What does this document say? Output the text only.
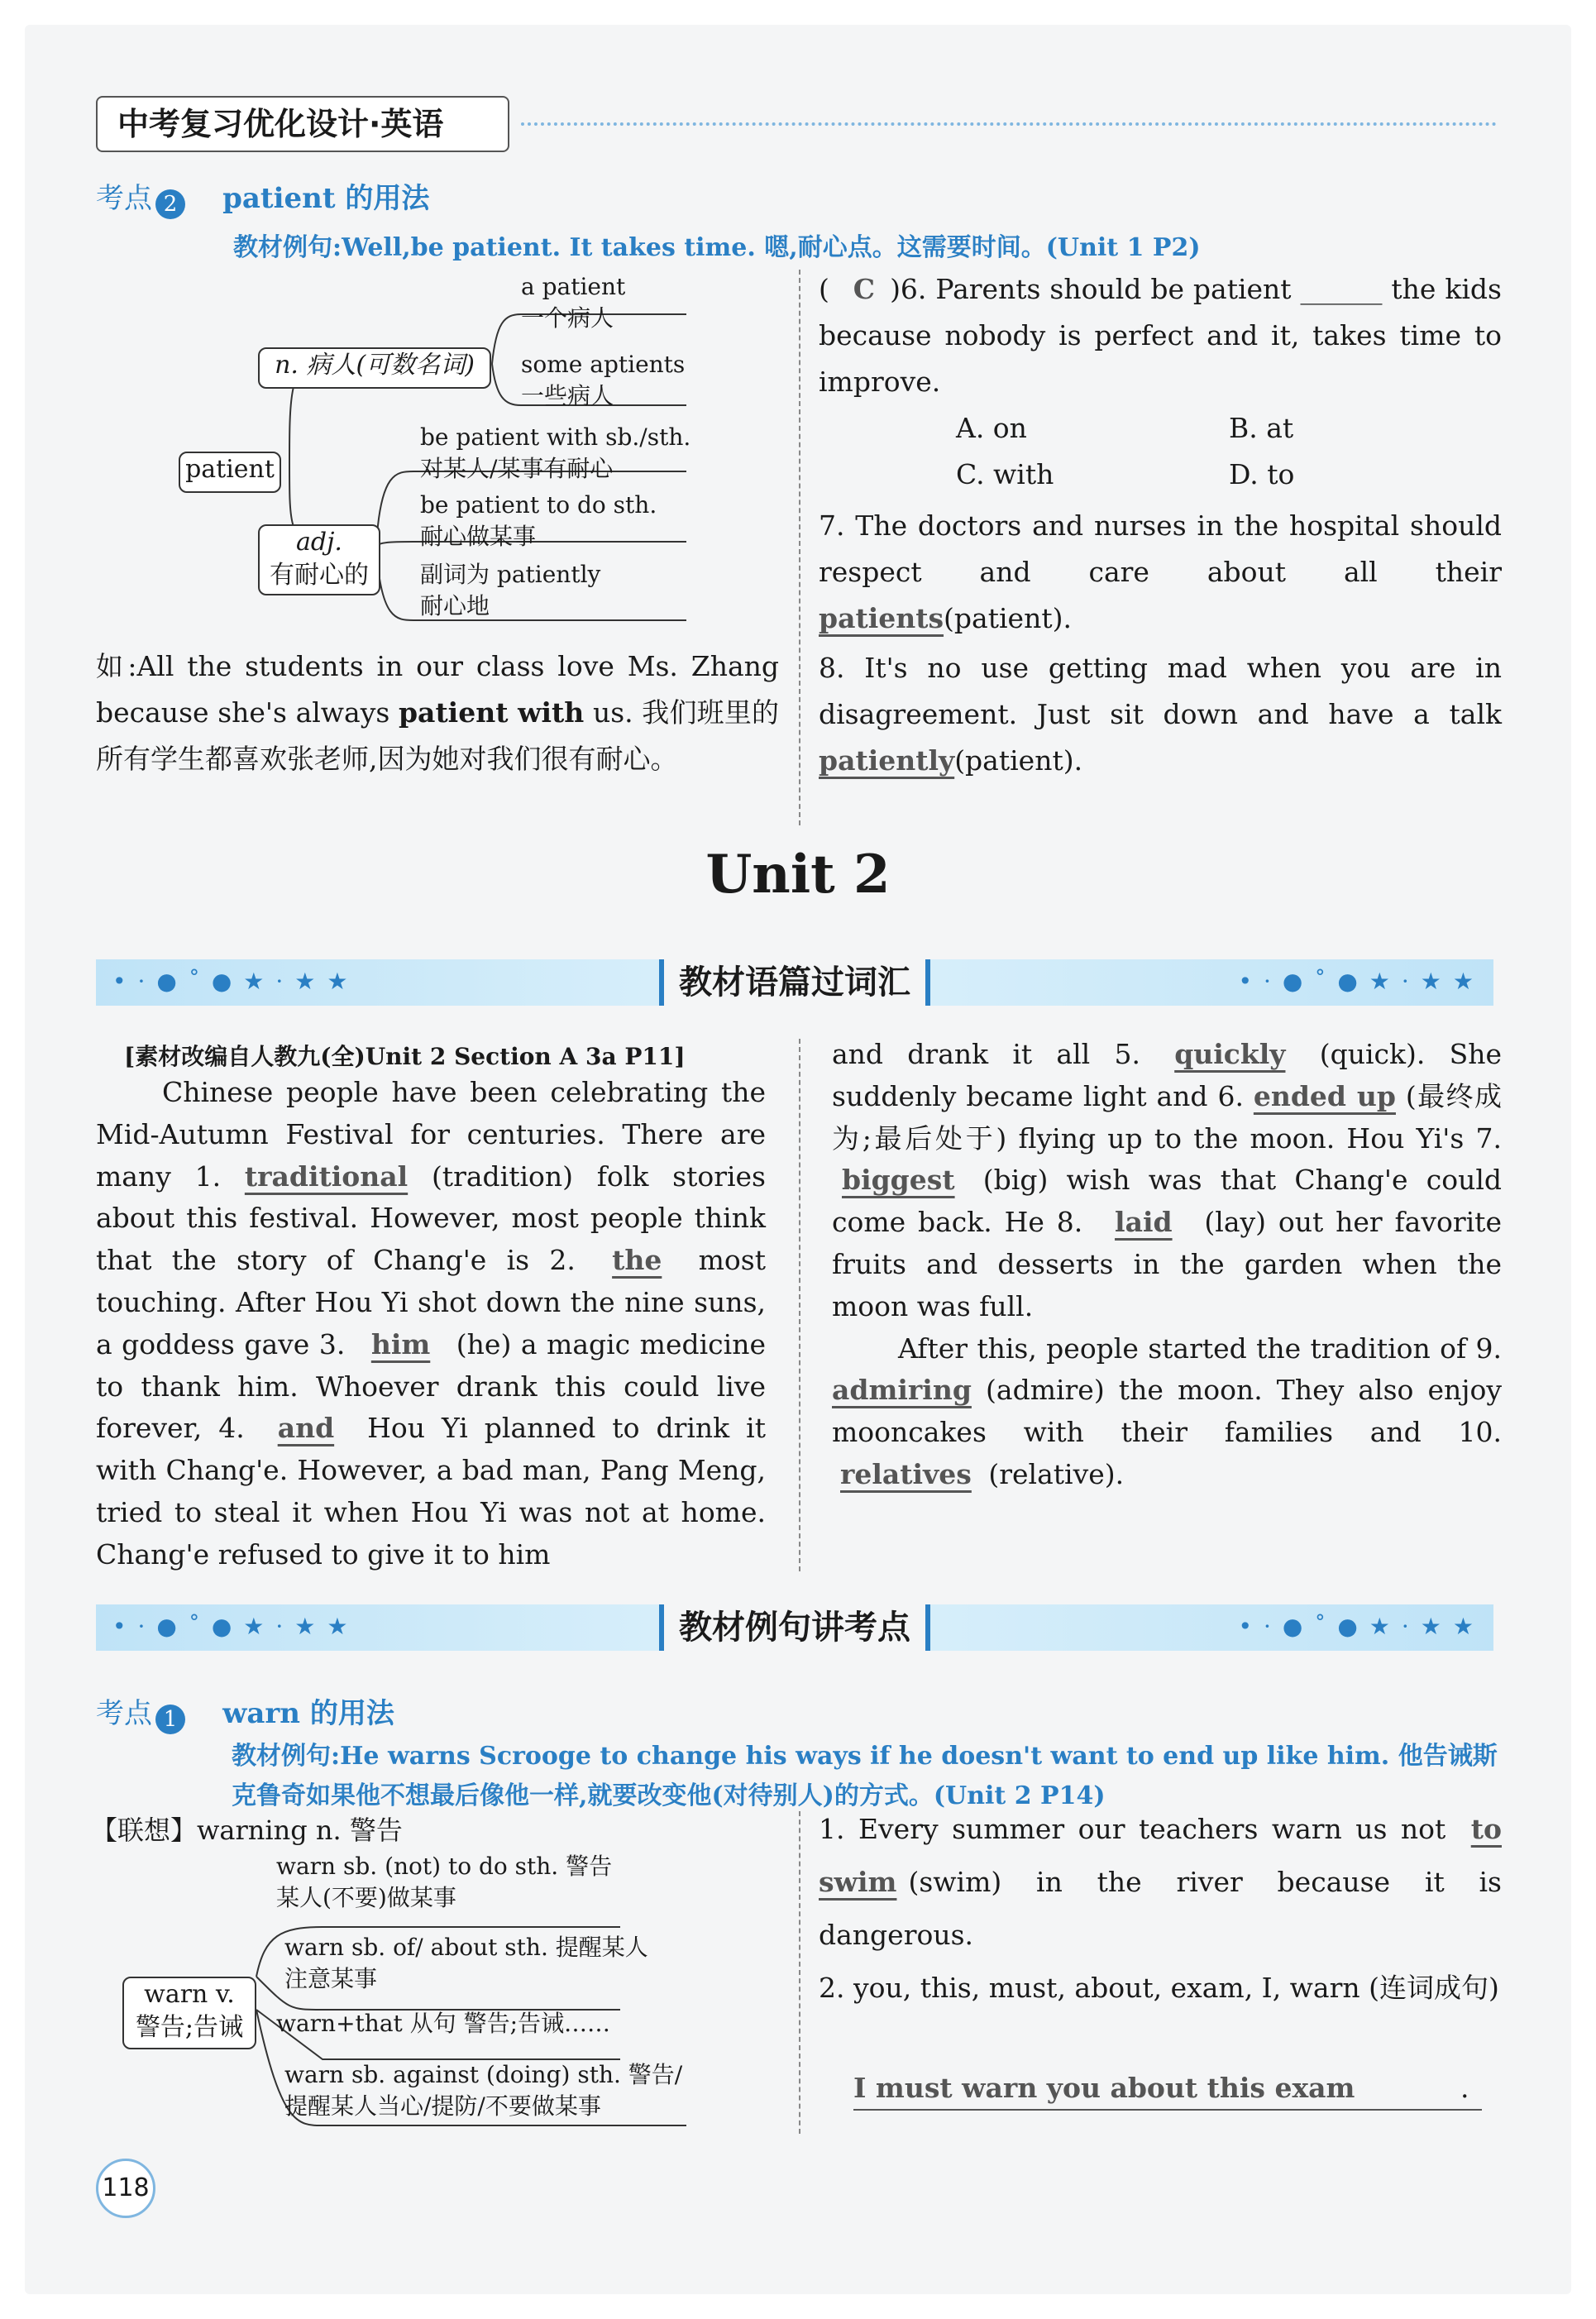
中考复习优化设计·英语
考点 2 patient 的用法
教材例句:Well,be patient. It takes time. 嗯,耐心点。这需要时间。(Unit 1 P2)
patient
n. 病人(可数名词)
adj.
有耐心的
a patient
一个病人
some aptients
一些病人
be patient with sb./sth.
对某人/某事有耐心
be patient to do sth.
耐心做某事
副词为 patiently
耐心地
如:All the students in our class love Ms. Zhang because she's always patient with us. 我们班里的所有学生都喜欢张老师,因为她对我们很有耐心。
( C )6. Parents should be patient ______ the kids because nobody is perfect and it, takes time to improve.
A. on	B. at
C. with	D. to
7. The doctors and nurses in the hospital should respect and care about all their patients(patient).
8. It's no use getting mad when you are in disagreement. Just sit down and have a talk patiently(patient).
Unit 2
•·●˚●★·★★	•·●˚●★·★★
教材语篇过词汇
[素材改编自人教九(全)Unit 2 Section A 3a P11]
Chinese people have been celebrating the Mid-Autumn Festival for centuries. There are many 1. traditional (tradition) folk stories about this festival. However, most people think that the story of Chang'e is 2. the most touching. After Hou Yi shot down the nine suns, a goddess gave 3. him (he) a magic medicine to thank him. Whoever drank this could live forever, 4. and Hou Yi planned to drink it with Chang'e. However, a bad man, Pang Meng, tried to steal it when Hou Yi was not at home. Chang'e refused to give it to him
and drank it all 5. quickly (quick). She suddenly became light and 6. ended up (最终成为;最后处于) flying up to the moon. Hou Yi's 7. biggest (big) wish was that Chang'e could come back. He 8. laid (lay) out her favorite fruits and desserts in the garden when the moon was full.
After this, people started the tradition of 9. admiring (admire) the moon. They also enjoy mooncakes with their families and 10. relatives (relative).
•·●˚●★·★★	•·●˚●★·★★
教材例句讲考点
考点 1 warn 的用法
教材例句:He warns Scrooge to change his ways if he doesn't want to end up like him. 他告诫斯克鲁奇如果他不想最后像他一样,就要改变他(对待别人)的方式。(Unit 2 P14)
【联想】warning n. 警告
warn v.
警告;告诫
warn sb. (not) to do sth. 警告
某人(不要)做某事
warn sb. of/ about sth. 提醒某人
注意某事
warn+that 从句 警告;告诫……
warn sb. against (doing) sth. 警告/
提醒某人当心/提防/不要做某事
1. Every summer our teachers warn us not to swim (swim) in the river because it is dangerous.
2. you, this, must, about, exam, I, warn (连词成句)
I must warn you about this exam	.
118
